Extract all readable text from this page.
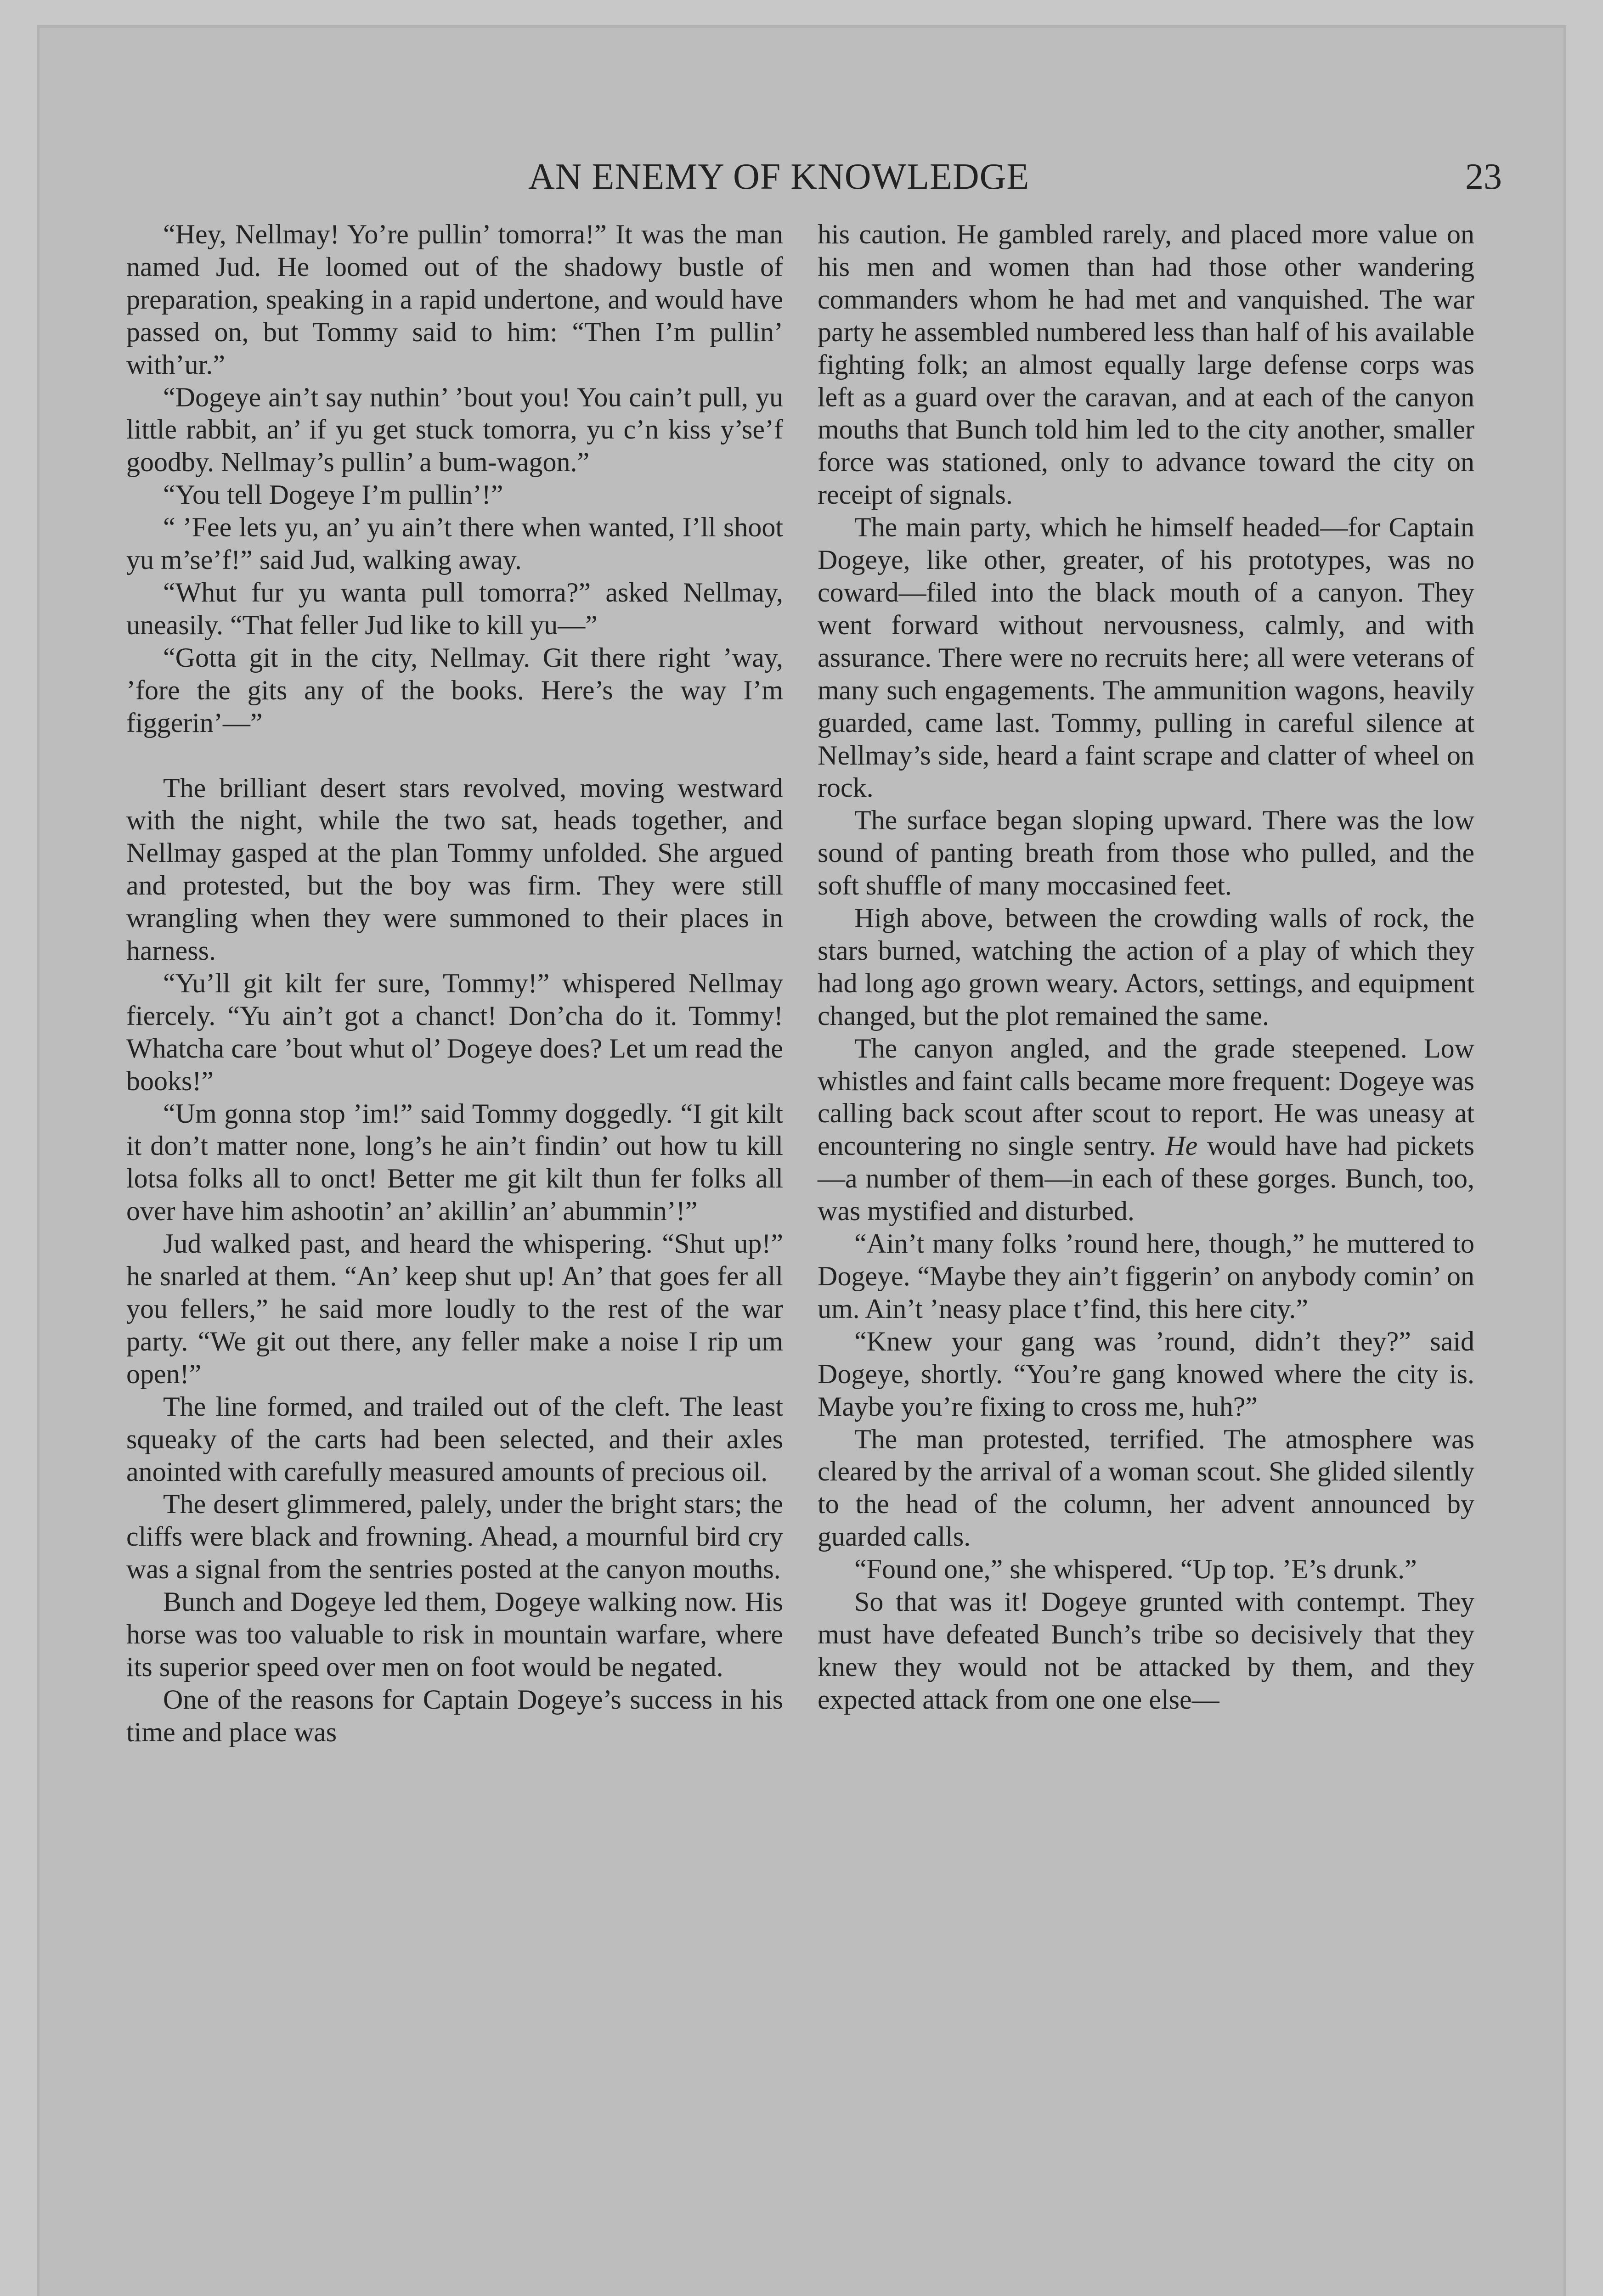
AN ENEMY OF KNOWLEDGE	23

“Hey, Nellmay! Yo’re pullin’ tomorra!” It was the man named Jud. He loomed out of the shadowy bustle of preparation, speaking in a rapid undertone, and would have passed on, but Tommy said to him: “Then I’m pullin’ with’ur.”

“Dogeye ain’t say nuthin’ ’bout you! You cain’t pull, yu little rabbit, an’ if yu get stuck tomorra, yu c’n kiss y’se’f goodby. Nellmay’s pullin’ a bum-wagon.”

“You tell Dogeye I’m pullin’!”

“ ’Fee lets yu, an’ yu ain’t there when wanted, I’ll shoot yu m’se’f!” said Jud, walking away.

“Whut fur yu wanta pull tomorra?” asked Nellmay, uneasily. “That feller Jud like to kill yu—”

“Gotta git in the city, Nellmay. Git there right ’way, ’fore the gits any of the books. Here’s the way I’m figgerin’—”

The brilliant desert stars revolved, moving westward with the night, while the two sat, heads together, and Nellmay gasped at the plan Tommy unfolded. She argued and protested, but the boy was firm. They were still wrangling when they were summoned to their places in harness.

“Yu’ll git kilt fer sure, Tommy!” whispered Nellmay fiercely. “Yu ain’t got a chanct! Don’cha do it. Tommy! Whatcha care ’bout whut ol’ Dogeye does? Let um read the books!”

“Um gonna stop ’im!” said Tommy doggedly. “I git kilt it don’t matter none, long’s he ain’t findin’ out how tu kill lotsa folks all to onct! Better me git kilt thun fer folks all over have him ashootin’ an’ akillin’ an’ abummin’!”

Jud walked past, and heard the whispering. “Shut up!” he snarled at them. “An’ keep shut up! An’ that goes fer all you fellers,” he said more loudly to the rest of the war party. “We git out there, any feller make a noise I rip um open!”

The line formed, and trailed out of the cleft. The least squeaky of the carts had been selected, and their axles anointed with carefully measured amounts of precious oil.

The desert glimmered, palely, under the bright stars; the cliffs were black and frowning. Ahead, a mournful bird cry was a signal from the sentries posted at the canyon mouths.

Bunch and Dogeye led them, Dogeye walking now. His horse was too valuable to risk in mountain warfare, where its superior speed over men on foot would be negated.

One of the reasons for Captain Dogeye’s success in his time and place was

his caution. He gambled rarely, and placed more value on his men and women than had those other wandering commanders whom he had met and vanquished. The war party he assembled numbered less than half of his available fighting folk; an almost equally large defense corps was left as a guard over the caravan, and at each of the canyon mouths that Bunch told him led to the city another, smaller force was stationed, only to advance toward the city on receipt of signals.

The main party, which he himself headed—for Captain Dogeye, like other, greater, of his prototypes, was no coward—filed into the black mouth of a canyon. They went forward without nervousness, calmly, and with assurance. There were no recruits here; all were veterans of many such engagements. The ammunition wagons, heavily guarded, came last. Tommy, pulling in careful silence at Nellmay’s side, heard a faint scrape and clatter of wheel on rock.

The surface began sloping upward. There was the low sound of panting breath from those who pulled, and the soft shuffle of many moccasined feet.

High above, between the crowding walls of rock, the stars burned, watching the action of a play of which they had long ago grown weary. Actors, settings, and equipment changed, but the plot remained the same.

The canyon angled, and the grade steepened. Low whistles and faint calls became more frequent: Dogeye was calling back scout after scout to report. He was uneasy at encountering no single sentry. He would have had pickets—a number of them—in each of these gorges. Bunch, too, was mystified and disturbed.

“Ain’t many folks ’round here, though,” he muttered to Dogeye. “Maybe they ain’t figgerin’ on anybody comin’ on um. Ain’t ’neasy place t’find, this here city.”

“Knew your gang was ’round, didn’t they?” said Dogeye, shortly. “You’re gang knowed where the city is. Maybe you’re fixing to cross me, huh?”

The man protested, terrified. The atmosphere was cleared by the arrival of a woman scout. She glided silently to the head of the column, her advent announced by guarded calls.

“Found one,” she whispered. “Up top. ’E’s drunk.”

So that was it! Dogeye grunted with contempt. They must have defeated Bunch’s tribe so decisively that they knew they would not be attacked by them, and they expected attack from one one else—
